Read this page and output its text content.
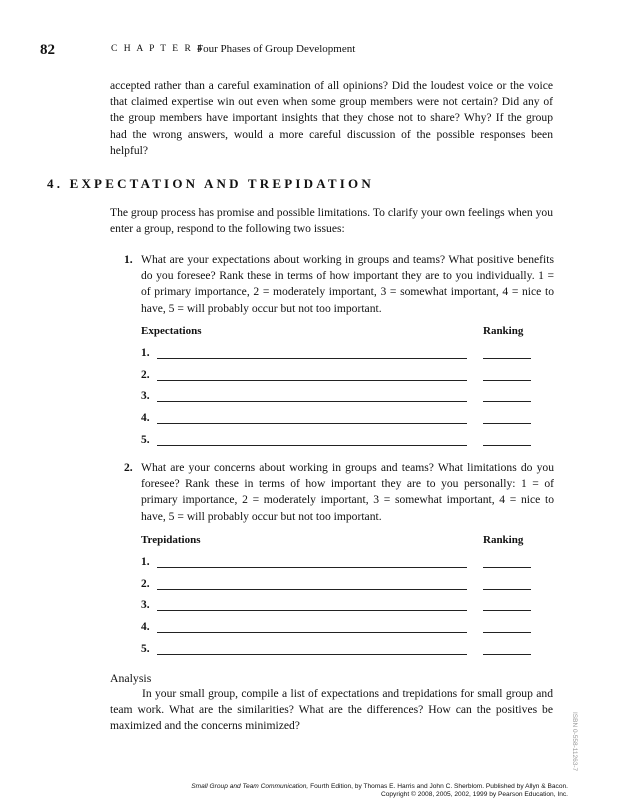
82	C H A P T E R 4
Four Phases of Group Development
accepted rather than a careful examination of all opinions? Did the loudest voice or the voice that claimed expertise win out even when some group members were not certain? Did any of the group members have important insights that they chose not to share? Why? If the group had the wrong answers, would a more careful discussion of the possible responses been helpful?
4. EXPECTATION AND TREPIDATION
The group process has promise and possible limitations. To clarify your own feelings when you enter a group, respond to the following two issues:
1. What are your expectations about working in groups and teams? What positive benefits do you foresee? Rank these in terms of how important they are to you individually. 1 = of primary importance, 2 = moderately important, 3 = somewhat important, 4 = nice to have, 5 = will probably occur but not too important.
Expectations	Ranking
1.
2.
3.
4.
5.
2. What are your concerns about working in groups and teams? What limitations do you foresee? Rank these in terms of how important they are to you personally: 1 = of primary importance, 2 = moderately important, 3 = somewhat important, 4 = nice to have, 5 = will probably occur but not too important.
Trepidations	Ranking
1.
2.
3.
4.
5.
Analysis
In your small group, compile a list of expectations and trepidations for small group and team work. What are the similarities? What are the differences? How can the positives be maximized and the concerns minimized?	ISBN 0-558-11263-7
Small Group and Team Communication, Fourth Edition, by Thomas E. Harris and John C. Sherblom. Published by Allyn & Bacon.
Copyright © 2008, 2005, 2002, 1999 by Pearson Education, Inc.
